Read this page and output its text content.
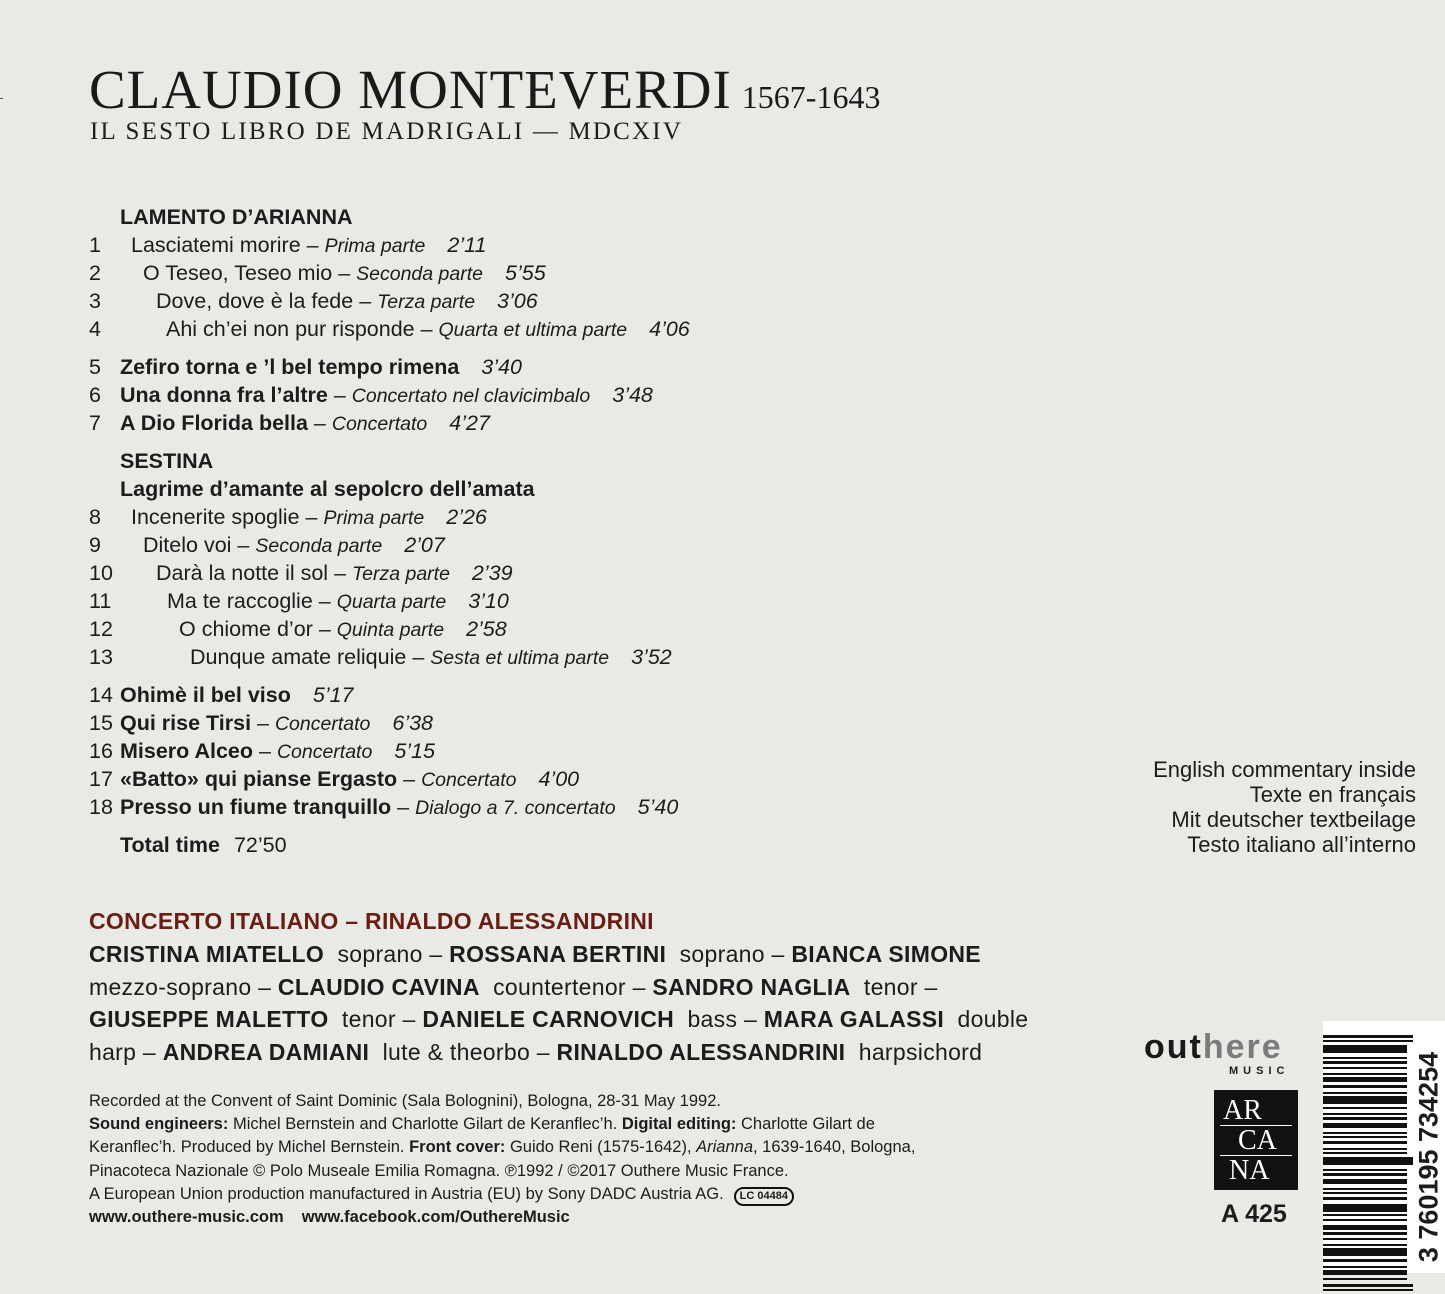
CLAUDIO MONTEVERDI 1567-1643
IL SESTO LIBRO DE MADRIGALI — MDCXIV
LAMENTO D’ARIANNA
1	Lasciatemi morire – Prima parte 2’11
2	O Teseo, Teseo mio – Seconda parte 5’55
3	Dove, dove è la fede – Terza parte 3’06
4	Ahi ch’ei non pur risponde – Quarta et ultima parte 4’06
5 Zefiro torna e ’l bel tempo rimena 3’40
6 Una donna fra l’altre – Concertato nel clavicimbalo 3’48
7 A Dio Florida bella – Concertato 4’27
SESTINA
Lagrime d’amante al sepolcro dell’amata
8	Incenerite spoglie – Prima parte 2’26
9	Ditelo voi – Seconda parte 2’07
10 Darà la notte il sol – Terza parte 2’39
11	Ma te raccoglie – Quarta parte 3’10
12	O chiome d’or – Quinta parte 2’58
13	Dunque amate reliquie – Sesta et ultima parte 3’52
14 Ohimè il bel viso 5’17
15 Qui rise Tirsi – Concertato 6’38
16 Misero Alceo – Concertato 5’15
17 «Batto» qui pianse Ergasto – Concertato 4’00
18 Presso un fiume tranquillo – Dialogo a 7. concertato 5’40
Total time 72’50
English commentary inside
Texte en français
Mit deutscher textbeilage
Testo italiano all’interno
CONCERTO ITALIANO – RINALDO ALESSANDRINI
CRISTINA MIATELLO soprano – ROSSANA BERTINI soprano – BIANCA SIMONE  mezzo-soprano – CLAUDIO CAVINA countertenor – SANDRO NAGLIA tenor – GIUSEPPE MALETTO tenor – DANIELE CARNOVICH bass – MARA GALASSI double harp – ANDREA DAMIANI lute & theorbo – RINALDO ALESSANDRINI harpsichord
Recorded at the Convent of Saint Dominic (Sala Bolognini), Bologna, 28-31 May 1992.
Sound engineers: Michel Bernstein and Charlotte Gilart de Keranflec’h. Digital editing: Charlotte Gilart de Keranflec’h. Produced by Michel Bernstein. Front cover: Guido Reni (1575-1642), Arianna, 1639-1640, Bologna, Pinacoteca Nazionale © Polo Museale Emilia Romagna. ℗1992 / ©2017 Outhere Music France.
A European Union production manufactured in Austria (EU) by Sony DADC Austria AG. LC 04484
www.outhere-music.com www.facebook.com/OuthereMusic
outhere
MUSIC
AR
CA
NA
A 425	3 760195 734254
